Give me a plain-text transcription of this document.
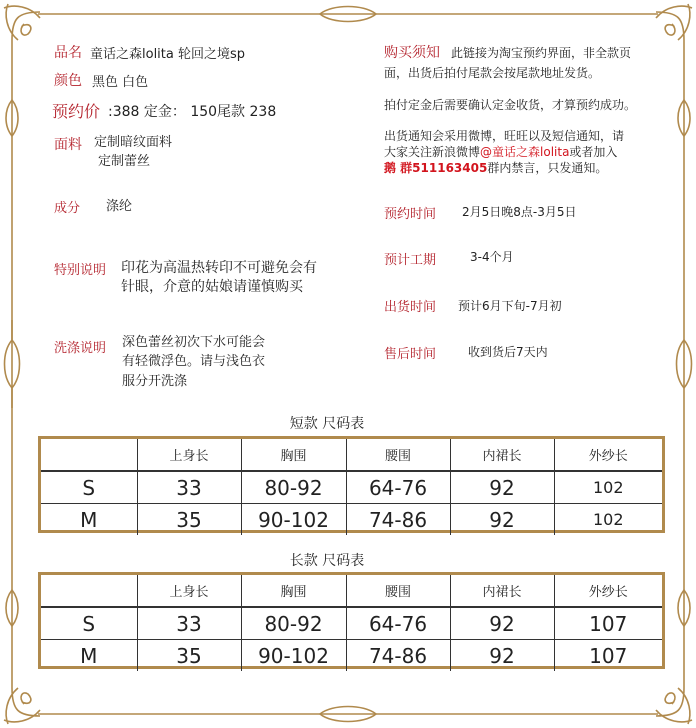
品名 童话之森lolita 轮回之境sp
颜色 黑色 白色
预约价 :388 定金： 150尾款 238
面料 定制暗纹面料
定制蕾丝
成分 涤纶
特别说明 印花为高温热转印不可避免会有
针眼，介意的姑娘请谨慎购买
洗涤说明 深色蕾丝初次下水可能会
有轻微浮色。请与浅色衣
服分开洗涤
购买须知 此链接为淘宝预约界面，非全款页
面，出货后拍付尾款会按尾款地址发货。
拍付定金后需要确认定金收货，才算预约成功。
出货通知会采用微博，旺旺以及短信通知，请
大家关注新浪微博@童话之森lolita或者加入
鹅 群511163405群内禁言，只发通知。
预约时间 2月5日晚8点-3月5日
预计工期	3-4个月
出货时间 预计6月下旬-7月初
售后时间	收到货后7天内
短款 尺码表
	上身长	胸围	腰围	内裙长	外纱长
S	33	80-92	64-76	92	102
M	35	90-102	74-86	92	102
长款 尺码表
	上身长	胸围	腰围	内裙长	外纱长
S	33	80-92	64-76	92	107
M	35	90-102	74-86	92	107
